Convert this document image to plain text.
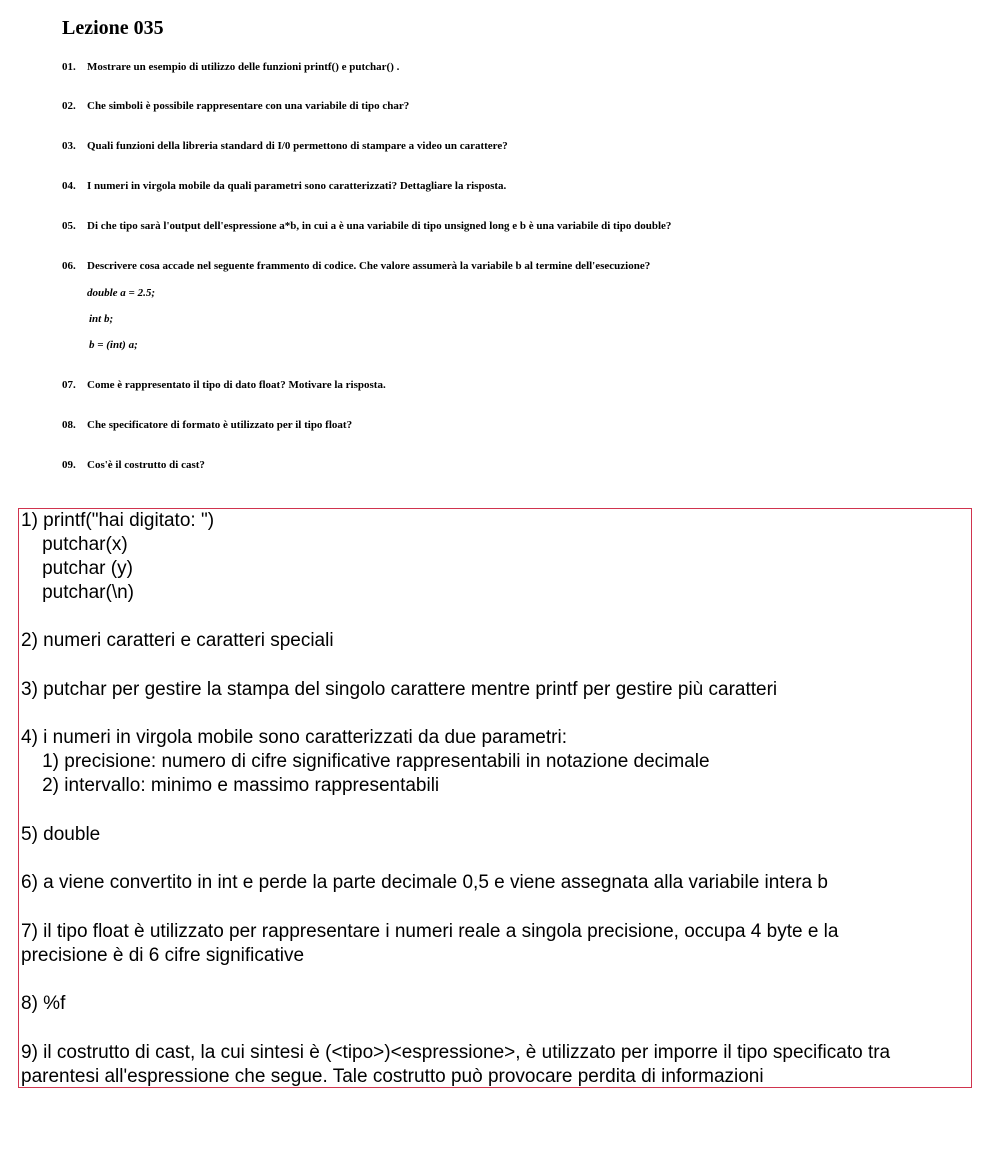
Lezione 035
01. Mostrare un esempio di utilizzo delle funzioni printf() e putchar() .
02. Che simboli è possibile rappresentare con una variabile di tipo char?
03. Quali funzioni della libreria standard di I/0 permettono di stampare a video un carattere?
04. I numeri in virgola mobile da quali parametri sono caratterizzati? Dettagliare la risposta.
05. Di che tipo sarà l'output dell'espressione a*b, in cui a è una variabile di tipo unsigned long e b è una variabile di tipo double?
06. Descrivere cosa accade nel seguente frammento di codice. Che valore assumerà la variabile b al termine dell'esecuzione?
double a = 2.5;
int b;
b = (int) a;
07. Come è rappresentato il tipo di dato float? Motivare la risposta.
08. Che specificatore di formato è utilizzato per il tipo float?
09. Cos'è il costrutto di cast?
1) printf("hai digitato: ")
putchar(x)
putchar (y)
putchar(\n)
2) numeri caratteri e caratteri speciali
3) putchar per gestire la stampa del singolo carattere mentre printf per gestire più caratteri
4) i numeri in virgola mobile sono caratterizzati da due parametri:
1) precisione: numero di cifre significative rappresentabili in notazione decimale
2) intervallo: minimo e massimo rappresentabili
5) double
6) a viene convertito in int e perde la parte decimale 0,5 e viene assegnata alla variabile intera b
7) il tipo float è utilizzato per rappresentare i numeri reale a singola precisione, occupa 4 byte e la
precisione è di 6 cifre significative
8) %f
9) il costrutto di cast, la cui sintesi è (<tipo>)<espressione>, è utilizzato per imporre il tipo specificato tra
parentesi all'espressione che segue. Tale costrutto può provocare perdita di informazioni
